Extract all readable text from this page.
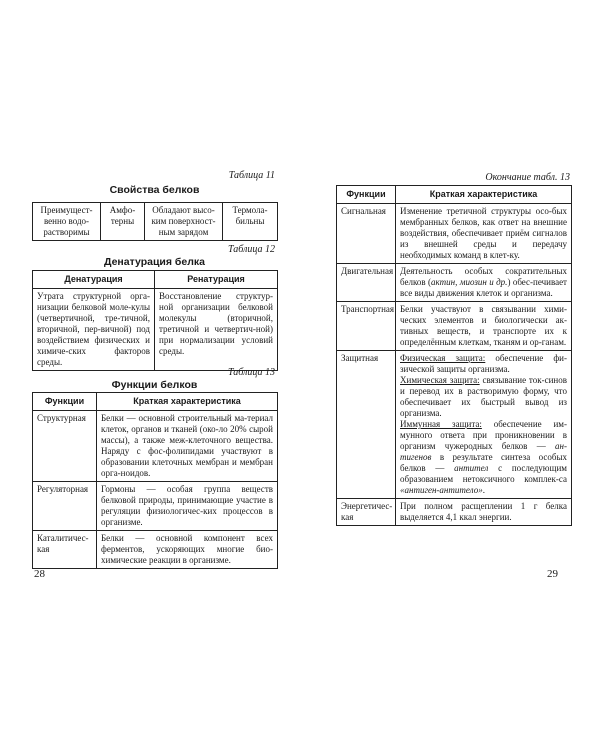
Таблица 11
Свойства белков
Преимущест-венно водо-растворимы	Амфо-терны	Обладают высо-ким поверхност-ным зарядом	Термола-бильны
Таблица 12
Денатурация белка
Денатурация	Ренатурация
Утрата структурной орга-низации белковой моле-кулы (четвертичной, тре-тичной, вторичной, пер-вичной) под воздействием физических и химиче-ских факторов среды.	Восстановление структур-ной организации белковой молекулы (вторичной, третичной и четвертич-ной) при нормализации условий среды.
Таблица 13
Функции белков
Функции	Краткая характеристика
Структурная	Белки — основной строительный ма-териал клеток, органов и тканей (око-ло 20% сырой массы), а также меж-клеточного вещества. Наряду с фос-фолипидами участвуют в образовании клеточных мембран и мембран орга-ноидов.
Регуляторная	Гормоны — особая группа веществ белковой природы, принимающие участие в регуляции физиологичес-ких процессов в организме.
Каталитичес-кая	Белки — основной компонент всех ферментов, ускоряющих многие био-химические реакции в организме.
28
Окончание табл. 13
Функции	Краткая характеристика
Сигнальная	Изменение третичной структуры осо-бых мембранных белков, как ответ на внешние воздействия, обеспечивает приём сигналов из внешней среды и передачу необходимых команд в клет-ку.
Двигательная	Деятельность особых сократительных белков (актин, миозин и др.) обес-печивает все виды движения клеток и организма.
Транспортная	Белки участвуют в связывании хими-ческих элементов и биологически ак-тивных веществ, и транспорте их к определённым клеткам, тканям и ор-ганам.
Защитная	Физическая защита: обеспечение фи-зической защиты организма.
Химическая защита: связывание ток-синов и перевод их в растворимую форму, что обеспечивает их быстрый вывод из организма.
Иммунная защита: обеспечение им-мунного ответа при проникновении в организм чужеродных белков — ан-тигенов в результате синтеза особых белков — антител с последующим образованием нетоксичного комплек-са «антиген-антитело».

Энергетичес-кая	При полном расщеплении 1 г белка выделяется 4,1 ккал энергии.
29
